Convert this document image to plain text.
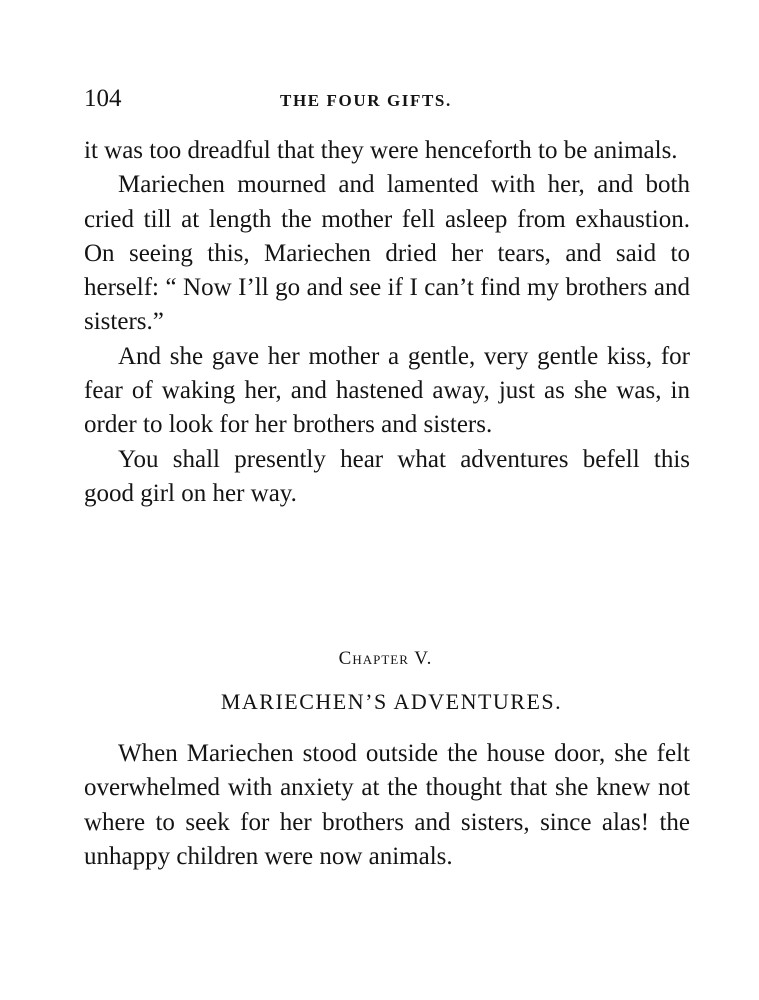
104	THE FOUR GIFTS.

it was too dreadful that they were henceforth to be animals.

Mariechen mourned and lamented with her, and both cried till at length the mother fell asleep from exhaustion. On seeing this, Mariechen dried her tears, and said to herself: “ Now I’ll go and see if I can’t find my brothers and sisters.”

And she gave her mother a gentle, very gentle kiss, for fear of waking her, and hastened away, just as she was, in order to look for her brothers and sisters.

You shall presently hear what adventures befell this good girl on her way.

Chapter V.
MARIECHEN’S ADVENTURES.

When Mariechen stood outside the house door, she felt overwhelmed with anxiety at the thought that she knew not where to seek for her brothers and sisters, since alas! the unhappy children were now animals.
